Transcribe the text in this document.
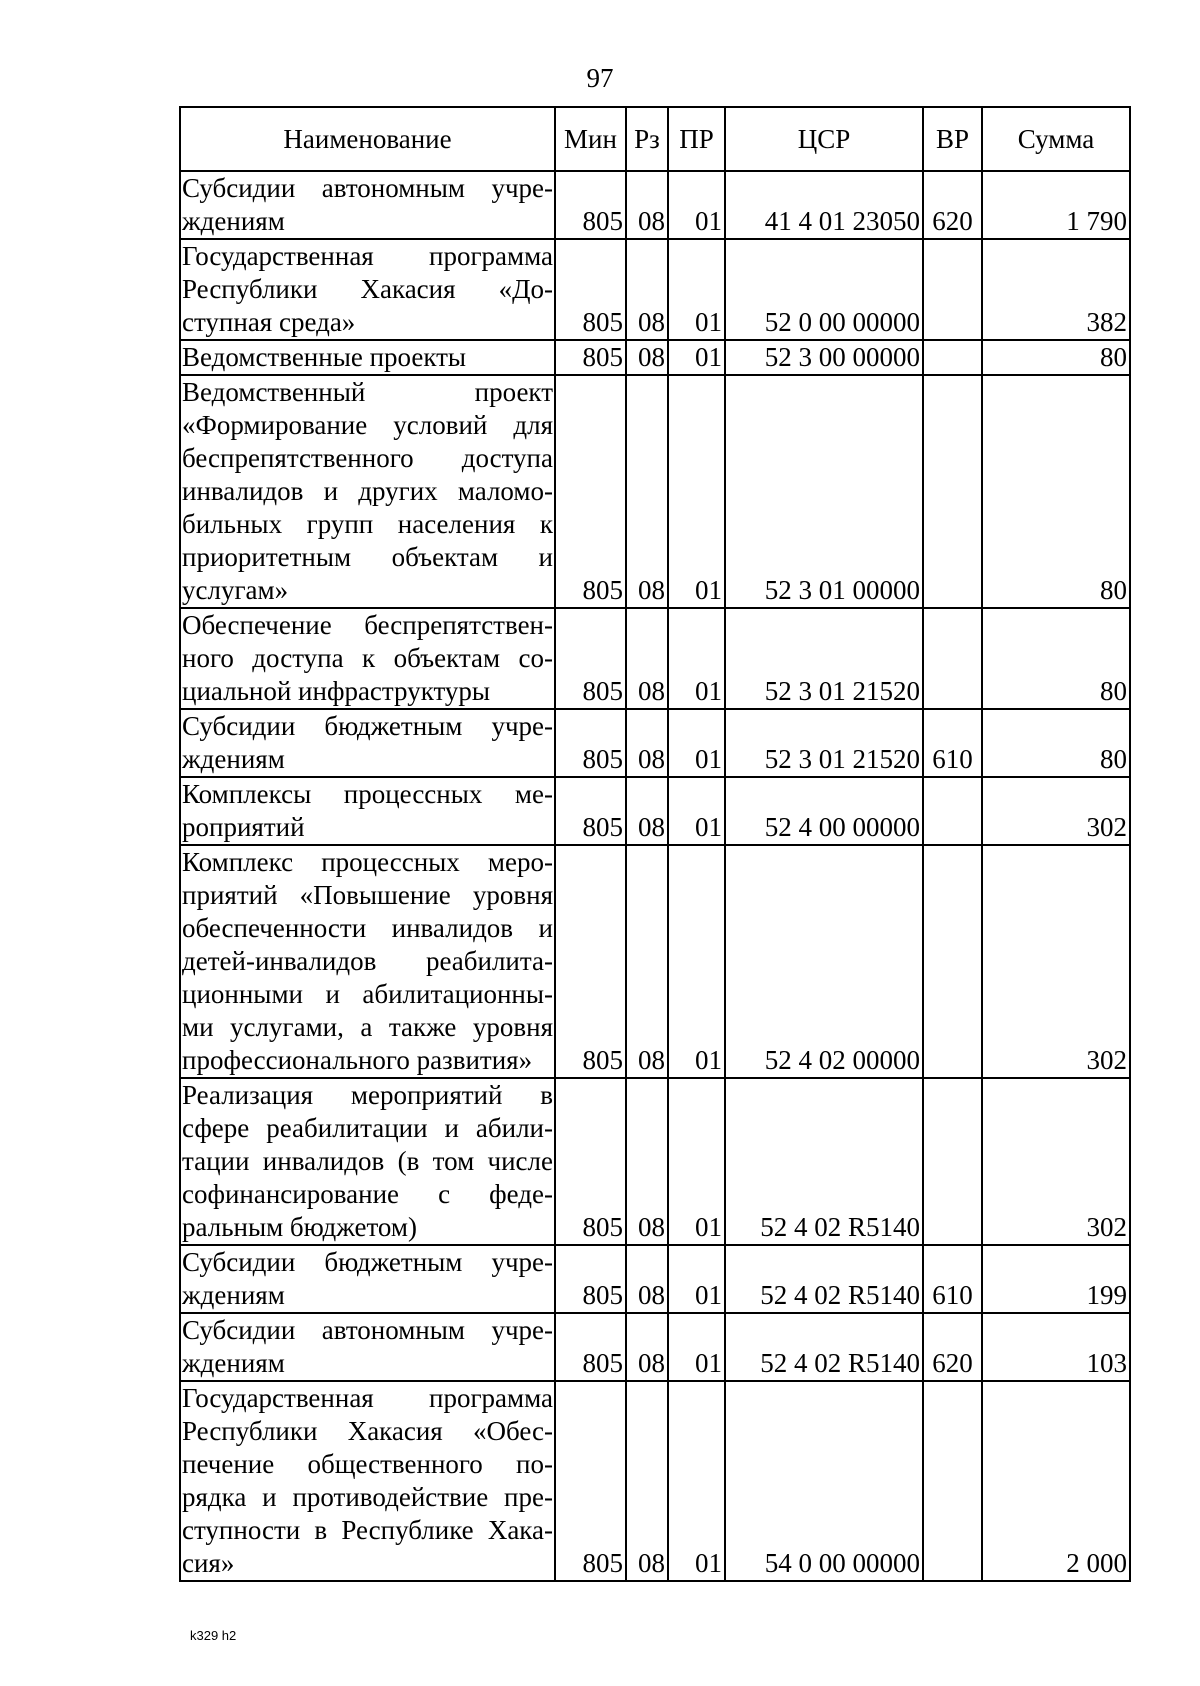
97
Наименование	Мин	Рз	ПР	ЦСР	ВР	Сумма
Субсидии автономным учре- ждениям	805	08	01	41 4 01 23050	620	1 790
Государственная программа Республики Хакасия «До- ступная среда»	805	08	01	52 0 00 00000		382
Ведомственные проекты	805	08	01	52 3 00 00000		80
Ведомственный проект «Формирование условий для беспрепятственного доступа инвалидов и других маломо- бильных групп населения к приоритетным объектам и услугам»	805	08	01	52 3 01 00000		80
Обеспечение беспрепятствен- ного доступа к объектам со- циальной инфраструктуры	805	08	01	52 3 01 21520		80
Субсидии бюджетным учре- ждениям	805	08	01	52 3 01 21520	610	80
Комплексы процессных ме- роприятий	805	08	01	52 4 00 00000		302
Комплекс процессных меро- приятий «Повышение уровня обеспеченности инвалидов и детей-инвалидов реабилита- ционными и абилитационны- ми услугами, а также уровня профессионального развития»	805	08	01	52 4 02 00000		302
Реализация мероприятий в сфере реабилитации и абили- тации инвалидов (в том числе софинансирование с феде- ральным бюджетом)	805	08	01	52 4 02 R5140		302
Субсидии бюджетным учре- ждениям	805	08	01	52 4 02 R5140	610	199
Субсидии автономным учре- ждениям	805	08	01	52 4 02 R5140	620	103
Государственная программа Республики Хакасия «Обес- печение общественного по- рядка и противодействие пре- ступности в Республике Хака- сия»	805	08	01	54 0 00 00000		2 000
k329 h2
